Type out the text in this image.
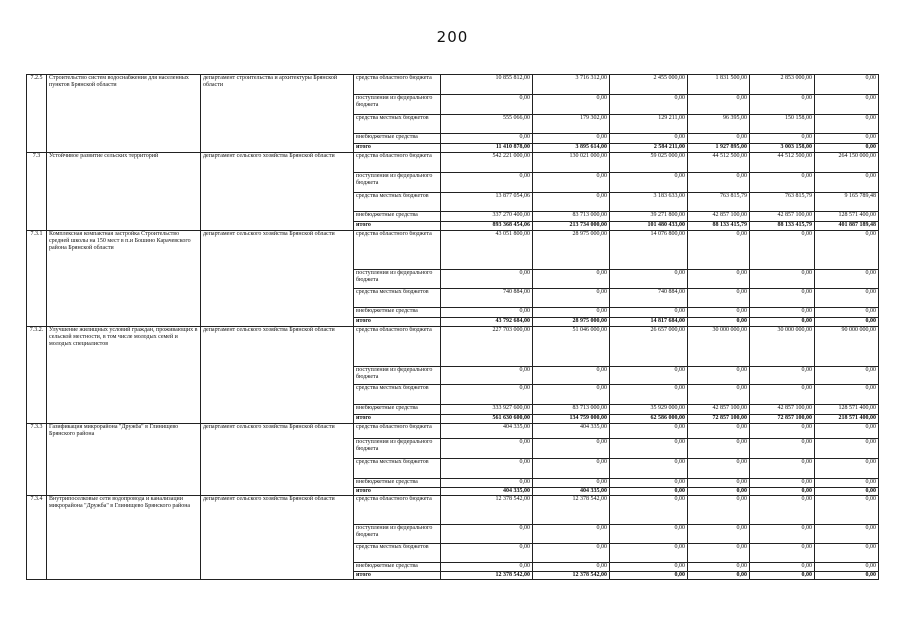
200
7.2.5	Строительство систем водоснабжения для населенных пунктов Брянской области	департамент строительства и архитектуры Брянской области	средства областного бюджета	10 855 812,00	3 716 312,00	2 455 000,00	1 831 500,00	2 853 000,00	0,00
			поступления из федерального бюджета	0,00	0,00	0,00	0,00	0,00	0,00
			средства местных бюджетов	555 066,00	179 302,00	129 211,00	96 395,00	150 158,00	0,00
			внебюджетные средства	0,00	0,00	0,00	0,00	0,00	0,00
			итого	11 410 878,00	3 895 614,00	2 584 211,00	1 927 895,00	3 003 158,00	0,00
7.3	Устойчивое развитие сельских территорий	департамент сельского хозяйства Брянской области	средства областного бюджета	542 221 000,00	130 021 000,00	59 025 000,00	44 512 500,00	44 512 500,00	264 150 000,00
			поступления из федерального бюджета	0,00	0,00	0,00	0,00	0,00	0,00
			средства местных бюджетов	13 877 054,06	0,00	3 183 633,00	763 815,79	763 815,79	9 165 789,48
			внебюджетные средства	337 270 400,00	83 713 000,00	39 271 800,00	42 857 100,00	42 857 100,00	128 571 400,00
			итого	893 368 454,06	213 734 000,00	101 480 433,00	88 133 415,79	88 133 415,79	401 887 189,48
7.3.1	Комплексная компактная застройка Строительство средней школы на 150 мест в п.и Бошино Карачевского района Брянской области	департамент сельского хозяйства Брянской области	средства областного бюджета	43 051 800,00	28 975 000,00	14 076 800,00	0,00	0,00	0,00
			поступления из федерального бюджета	0,00	0,00	0,00	0,00	0,00	0,00
			средства местных бюджетов	740 884,00	0,00	740 884,00	0,00	0,00	0,00
			внебюджетные средства	0,00	0,00	0,00	0,00	0,00	0,00
			итого	43 792 684,00	28 975 000,00	14 817 684,00	0,00	0,00	0,00
7.3.2.	Улучшение жилищных условий граждан, проживающих в сельской местности, в том числе молодых семей и молодых специалистов	департамент сельского хозяйства Брянской области	средства областного бюджета	227 703 000,00	51 046 000,00	26 657 000,00	30 000 000,00	30 000 000,00	90 000 000,00
			поступления из федерального бюджета	0,00	0,00	0,00	0,00	0,00	0,00
			средства местных бюджетов	0,00	0,00	0,00	0,00	0,00	0,00
			внебюджетные средства	333 927 600,00	83 713 000,00	35 929 000,00	42 857 100,00	42 857 100,00	128 571 400,00
			итого	561 630 600,00	134 759 000,00	62 586 000,00	72 857 100,00	72 857 100,00	218 571 400,00
7.3.3	Газификация микрорайона "Дружба" в Глинищево Брянского района	департамент сельского хозяйства Брянской области	средства областного бюджета	404 335,00	404 335,00	0,00	0,00	0,00	0,00
			поступления из федерального бюджета	0,00	0,00	0,00	0,00	0,00	0,00
			средства местных бюджетов	0,00	0,00	0,00	0,00	0,00	0,00
			внебюджетные средства	0,00	0,00	0,00	0,00	0,00	0,00
			итого	404 335,00	404 335,00	0,00	0,00	0,00	0,00
7.3.4	Внутрипоселковые сети водопровода и канализации микрорайона "Дружба" в Глинищево Брянского района	департамент сельского хозяйства Брянской области	средства областного бюджета	12 378 542,00	12 378 542,00	0,00	0,00	0,00	0,00
			поступления из федерального бюджета	0,00	0,00	0,00	0,00	0,00	0,00
			средства местных бюджетов	0,00	0,00	0,00	0,00	0,00	0,00
			внебюджетные средства	0,00	0,00	0,00	0,00	0,00	0,00
			итого	12 378 542,00	12 378 542,00	0,00	0,00	0,00	0,00
